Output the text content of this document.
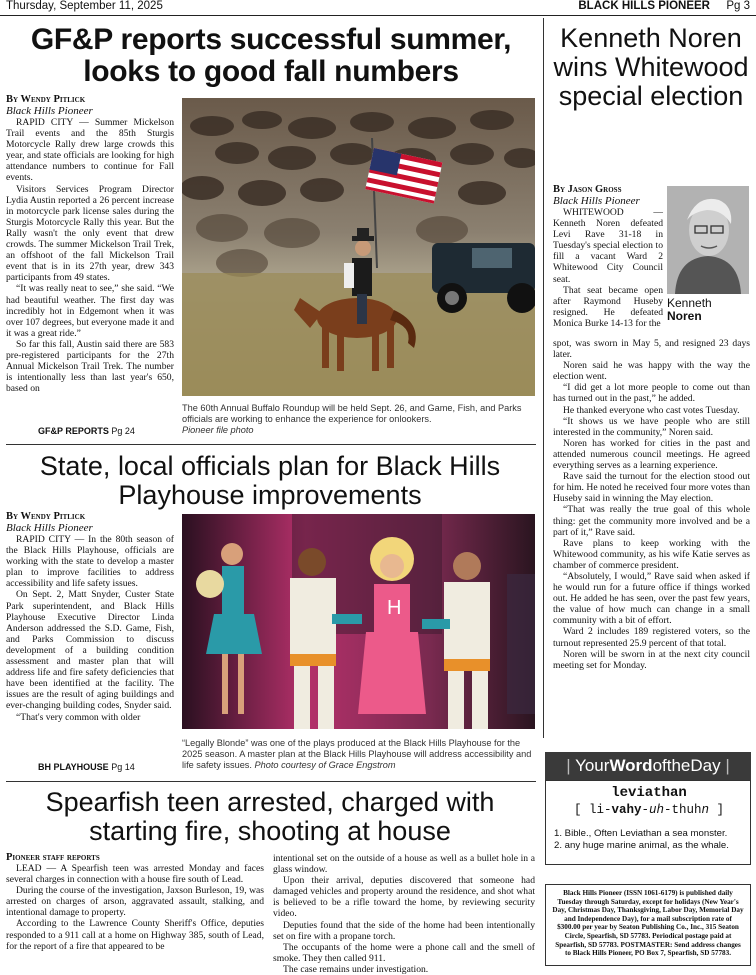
Thursday, September 11, 2025	BLACK HILLS PIONEER Pg 3
GF&P reports successful summer, looks to good fall numbers
By Wendy Pitlick
Black Hills Pioneer

RAPID CITY — Summer Mickelson Trail events and the 85th Sturgis Motorcycle Rally drew large crowds this year, and state officials are looking for high attendance numbers to continue for Fall events.

Visitors Services Program Director Lydia Austin reported a 26 percent increase in motorcycle park license sales during the Sturgis Motorcycle Rally this year. But the Rally wasn't the only event that drew crowds. The summer Mickelson Trail Trek, an offshoot of the fall Mickelson Trail event that is in its 27th year, drew 343 participants from 49 states.

“It was really neat to see,” she said. “We had beautiful weather. The first day was incredibly hot in Edgemont when it was over 107 degrees, but everyone made it and it was a great ride.”

So far this fall, Austin said there are 583 pre-registered participants for the 27th Annual Mickelson Trail Trek. The number is intentionally less than last year's 650, based on

GF&P REPORTS Pg 24
The 60th Annual Buffalo Roundup will be held Sept. 26, and Game, Fish, and Parks officials are working to enhance the experience for onlookers.
Pioneer file photo
State, local officials plan for Black Hills Playhouse improvements
By Wendy Pitlick
Black Hills Pioneer

RAPID CITY — In the 80th season of the Black Hills Playhouse, officials are working with the state to develop a master plan to improve facilities to address accessibility and life safety issues.

On Sept. 2, Matt Snyder, Custer State Park superintendent, and Black Hills Playhouse Executive Director Linda Anderson addressed the S.D. Game, Fish, and Parks Commission to discuss development of a building condition assessment and master plan that will address life and fire safety deficiencies that have been identified at the facility. The issues are the result of aging buildings and ever-changing building codes, Snyder said.

“That's very common with older

BH PLAYHOUSE Pg 14
H
“Legally Blonde” was one of the plays produced at the Black Hills Playhouse for the 2025 season. A master plan at the Black Hills Playhouse will address accessibility and life safety issues. Photo courtesy of Grace Engstrom
Spearfish teen arrested, charged with starting fire, shooting at house
Pioneer staff reports

LEAD — A Spearfish teen was arrested Monday and faces several charges in connection with a house fire south of Lead.

During the course of the investigation, Jaxson Burleson, 19, was arrested on charges of arson, aggravated assault, stalking, and intentional damage to property.

According to the Lawrence County Sheriff's Office, deputies responded to a 911 call at a home on Highway 385, south of Lead, for the report of a fire that appeared to be

intentional set on the outside of a house as well as a bullet hole in a glass window.

Upon their arrival, deputies discovered that someone had damaged vehicles and property around the residence, and shot what is believed to be a rifle toward the home, by reviewing security video.

Deputies found that the side of the home had been intentionally set on fire with a propane torch.

The occupants of the home were a phone call and the smell of smoke. They then called 911.

The case remains under investigation.

Kenneth Noren wins Whitewood special election
By Jason Gross
Black Hills Pioneer

WHITEWOOD — Kenneth Noren defeated Levi Rave 31-18 in Tuesday's special election to fill a vacant Ward 2 Whitewood City Council seat.

That seat became open after Raymond Huseby resigned. He defeated Monica Burke 14-13 for the

Kenneth
Noren

spot, was sworn in May 5, and resigned 23 days later.

Noren said he was happy with the way the election went.

“I did get a lot more people to come out than has turned out in the past,” he added.

He thanked everyone who cast votes Tuesday.

“It shows us we have people who are still interested in the community,” Noren said.

Noren has worked for cities in the past and attended numerous council meetings. He agreed everything serves as a learning experience.

Rave said the turnout for the election stood out for him. He noted he received four more votes than Huseby said in winning the May election.

“That was really the true goal of this whole thing: get the community more involved and be a part of it,” Rave said.

Rave plans to keep working with the Whitewood community, as his wife Katie serves as chamber of commerce president.

“Absolutely, I would,” Rave said when asked if he would run for a future office if things worked out. He added he has seen, over the past few years, the value of how much can change in a small community with a bit of effort.

Ward 2 includes 189 registered voters, so the turnout represented 25.9 percent of that total.

Noren will be sworn in at the next city council meeting set for Monday.

| YourWordoftheDay |
leviathan
[ li-vahy-uh-thuhn ]
1. Bible., Often Leviathan a sea monster.
2. any huge marine animal, as the whale.
Black Hills Pioneer (ISSN 1061-6179) is published daily Tuesday through Saturday, except for holidays (New Year's Day, Christmas Day, Thanksgiving, Labor Day, Memorial Day and Independence Day), for a mail subscription rate of $300.00 per year by Seaton Publishing Co., Inc., 315 Seaton Circle, Spearfish, SD 57783. Periodical postage paid at Spearfish, SD 57783. POSTMASTER: Send address changes to Black Hills Pioneer, PO Box 7, Spearfish, SD 57783.
